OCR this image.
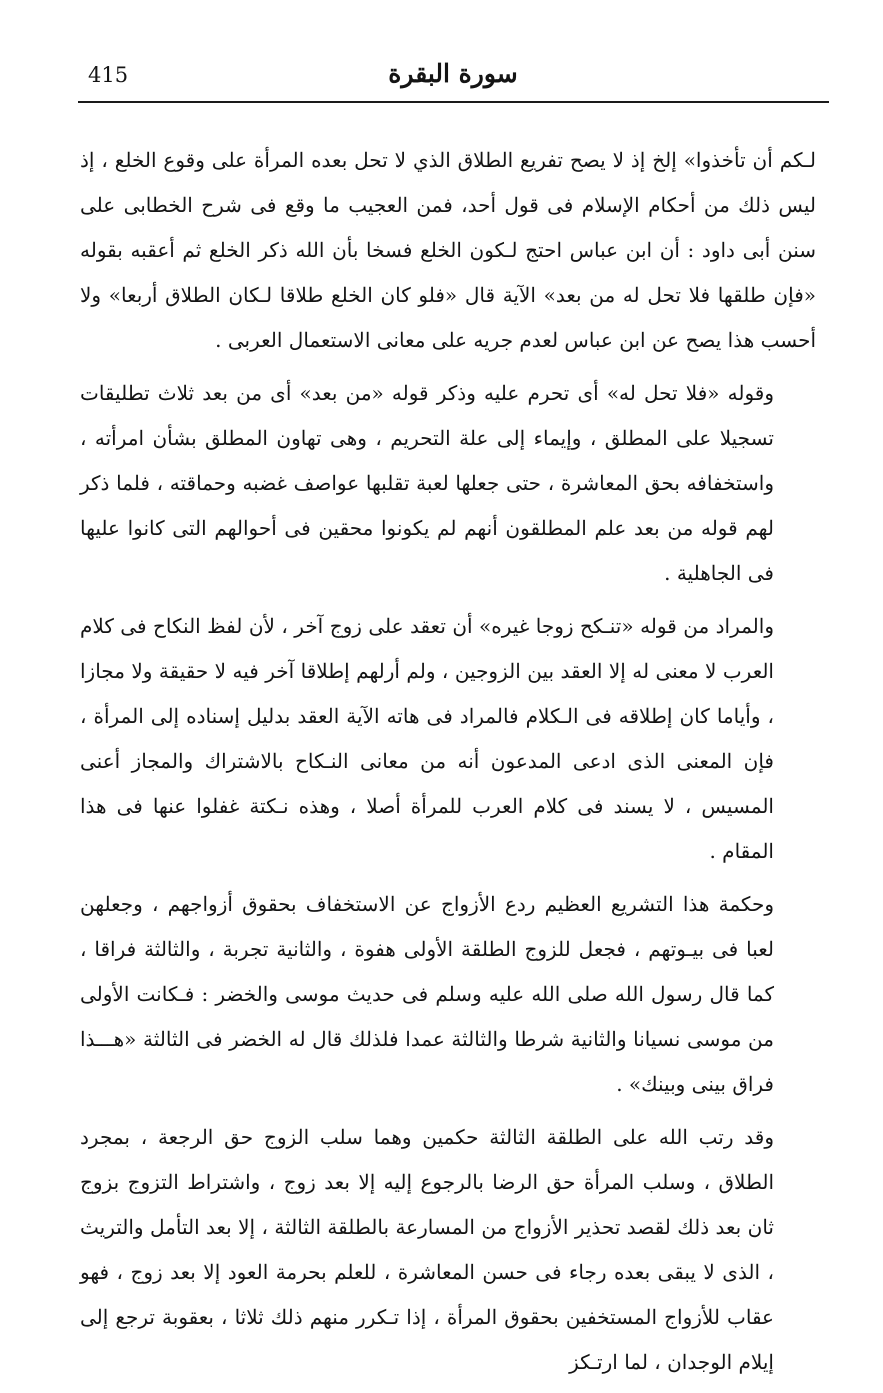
415	سورة البقرة

لـكم أن تأخذوا» إلخ إذ لا يصح تفريع الطلاق الذي لا تحل بعده المرأة على وقوع الخلع ، إذ ليس ذلك من أحكام الإسلام فى قول أحد، فمن العجيب ما وقع فى شرح الخطابى على سنن أبى داود : أن ابن عباس احتج لـكون الخلع فسخا بأن الله ذكر الخلع ثم أعقبه بقوله «فإن طلقها فلا تحل له من بعد» الآية قال «فلو كان الخلع طلاقا لـكان الطلاق أربعا» ولا أحسب هذا يصح عن ابن عباس لعدم جريه على معانى الاستعمال العربى .

وقوله «فلا تحل له» أى تحرم عليه وذكر قوله «من بعد» أى من بعد ثلاث تطليقات تسجيلا على المطلق ، وإيماء إلى علة التحريم ، وهى تهاون المطلق بشأن امرأته ، واستخفافه بحق المعاشرة ، حتى جعلها لعبة تقلبها عواصف غضبه وحماقته ، فلما ذكر لهم قوله من بعد علم المطلقون أنهم لم يكونوا محقين فى أحوالهم التى كانوا عليها فى الجاهلية .

والمراد من قوله «تنـكح زوجا غيره» أن تعقد على زوج آخر ، لأن لفظ النكاح فى كلام العرب لا معنى له إلا العقد بين الزوجين ، ولم أرلهم إطلاقا آخر فيه لا حقيقة ولا مجازا ، وأياما كان إطلاقه فى الـكلام فالمراد فى هاته الآية العقد بدليل إسناده إلى المرأة ، فإن المعنى الذى ادعى المدعون أنه من معانى النـكاح بالاشتراك والمجاز أعنى المسيس ، لا يسند فى كلام العرب للمرأة أصلا ، وهذه نـكتة غفلوا عنها فى هذا المقام .

وحكمة هذا التشريع العظيم ردع الأزواج عن الاستخفاف بحقوق أزواجهم ، وجعلهن لعبا فى بيـوتهم ، فجعل للزوج الطلقة الأولى هفوة ، والثانية تجربة ، والثالثة فراقا ، كما قال رسول الله صلى الله عليه وسلم فى حديث موسى والخضر : فـكانت الأولى من موسى نسيانا والثانية شرطا والثالثة عمدا فلذلك قال له الخضر فى الثالثة «هـــذا فراق بينى وبينك» .

وقد رتب الله على الطلقة الثالثة حكمين وهما سلب الزوج حق الرجعة ، بمجرد الطلاق ، وسلب المرأة حق الرضا بالرجوع إليه إلا بعد زوج ، واشتراط التزوج بزوج ثان بعد ذلك لقصد تحذير الأزواج من المسارعة بالطلقة الثالثة ، إلا بعد التأمل والتريث ، الذى لا يبقى بعده رجاء فى حسن المعاشرة ، للعلم بحرمة العود إلا بعد زوج ، فهو عقاب للأزواج المستخفين بحقوق المرأة ، إذا تـكرر منهم ذلك ثلاثا ، بعقوبة ترجع إلى إيلام الوجدان ، لما ارتـكز
